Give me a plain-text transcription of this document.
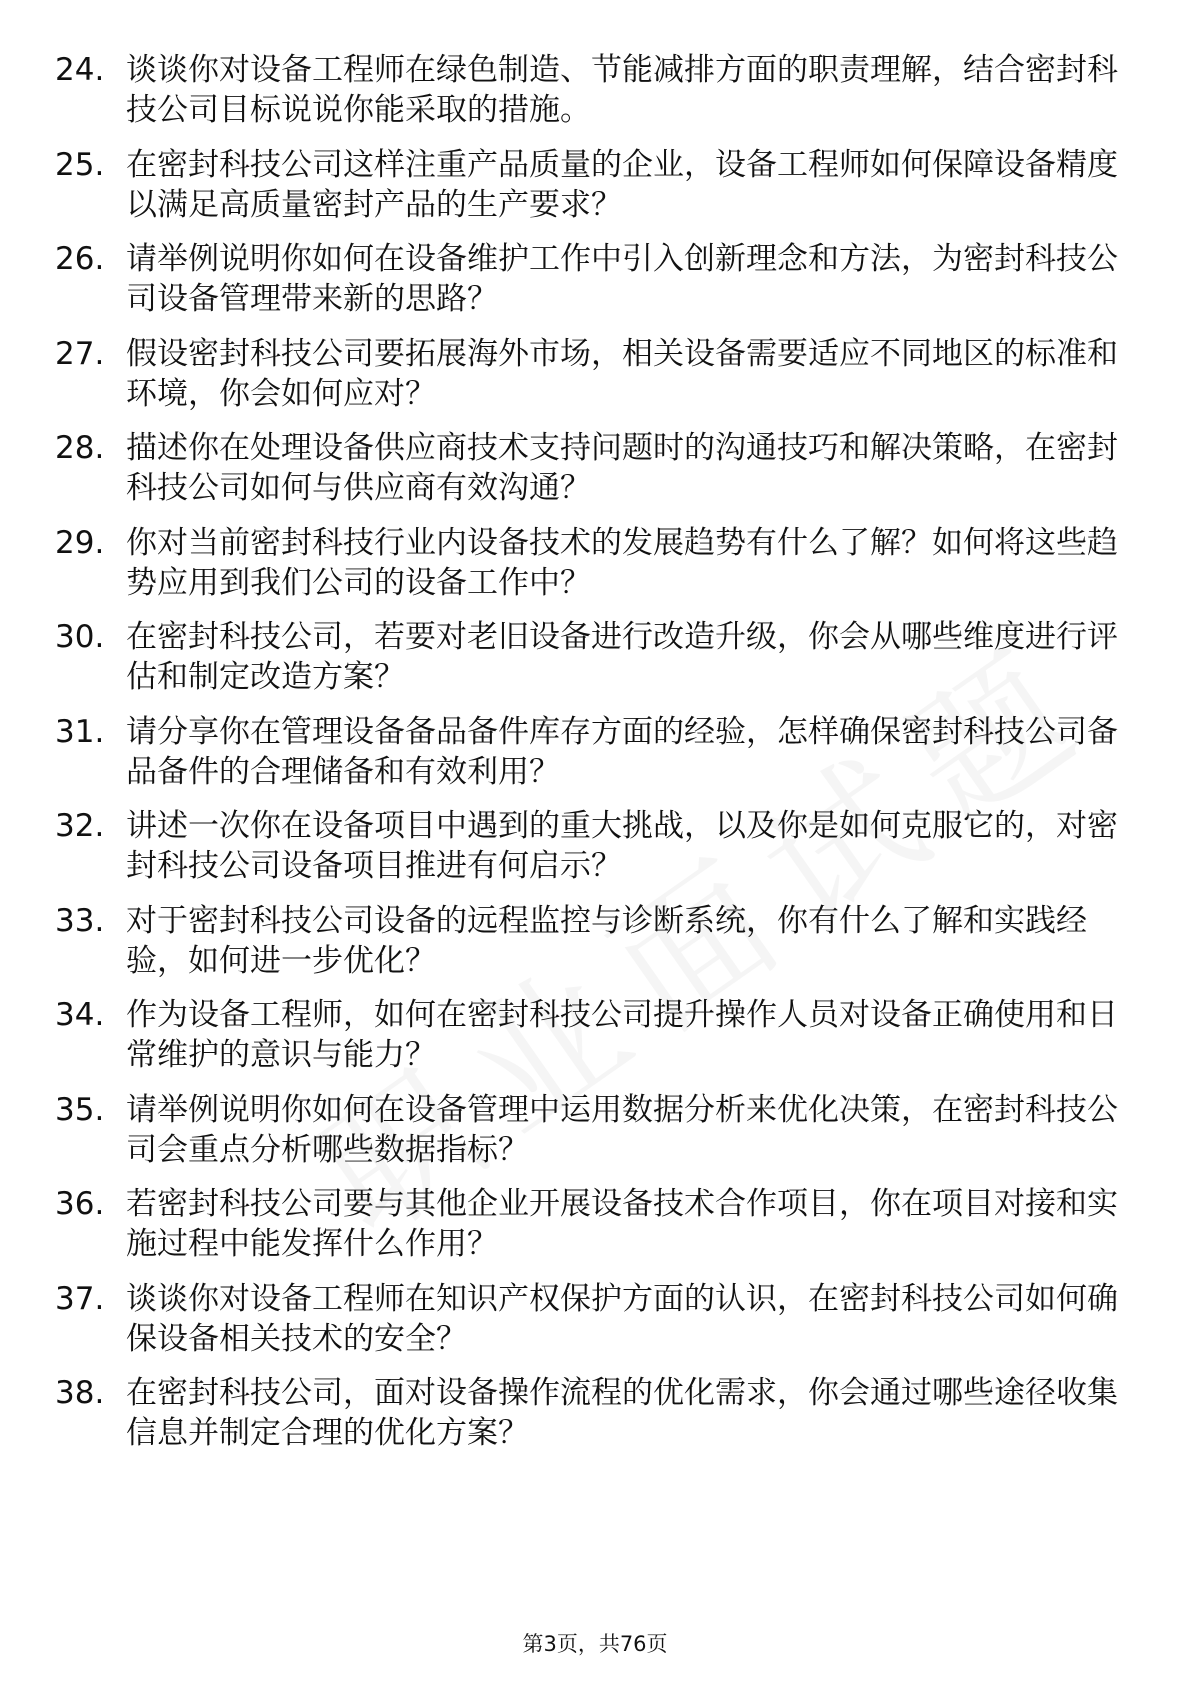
24. 谈谈你对设备工程师在绿色制造、节能减排方面的职责理解，结合密封科技公司目标说说你能采取的措施。
25. 在密封科技公司这样注重产品质量的企业，设备工程师如何保障设备精度以满足高质量密封产品的生产要求？
26. 请举例说明你如何在设备维护工作中引入创新理念和方法，为密封科技公司设备管理带来新的思路？
27. 假设密封科技公司要拓展海外市场，相关设备需要适应不同地区的标准和环境，你会如何应对？
28. 描述你在处理设备供应商技术支持问题时的沟通技巧和解决策略，在密封科技公司如何与供应商有效沟通？
29. 你对当前密封科技行业内设备技术的发展趋势有什么了解？如何将这些趋势应用到我们公司的设备工作中？
30. 在密封科技公司，若要对老旧设备进行改造升级，你会从哪些维度进行评估和制定改造方案？
31. 请分享你在管理设备备品备件库存方面的经验，怎样确保密封科技公司备品备件的合理储备和有效利用？
32. 讲述一次你在设备项目中遇到的重大挑战，以及你是如何克服它的，对密封科技公司设备项目推进有何启示？
33. 对于密封科技公司设备的远程监控与诊断系统，你有什么了解和实践经验，如何进一步优化？
34. 作为设备工程师，如何在密封科技公司提升操作人员对设备正确使用和日常维护的意识与能力？
35. 请举例说明你如何在设备管理中运用数据分析来优化决策，在密封科技公司会重点分析哪些数据指标？
36. 若密封科技公司要与其他企业开展设备技术合作项目，你在项目对接和实施过程中能发挥什么作用？
37. 谈谈你对设备工程师在知识产权保护方面的认识，在密封科技公司如何确保设备相关技术的安全？
38. 在密封科技公司，面对设备操作流程的优化需求，你会通过哪些途径收集信息并制定合理的优化方案？
第3页，共76页
